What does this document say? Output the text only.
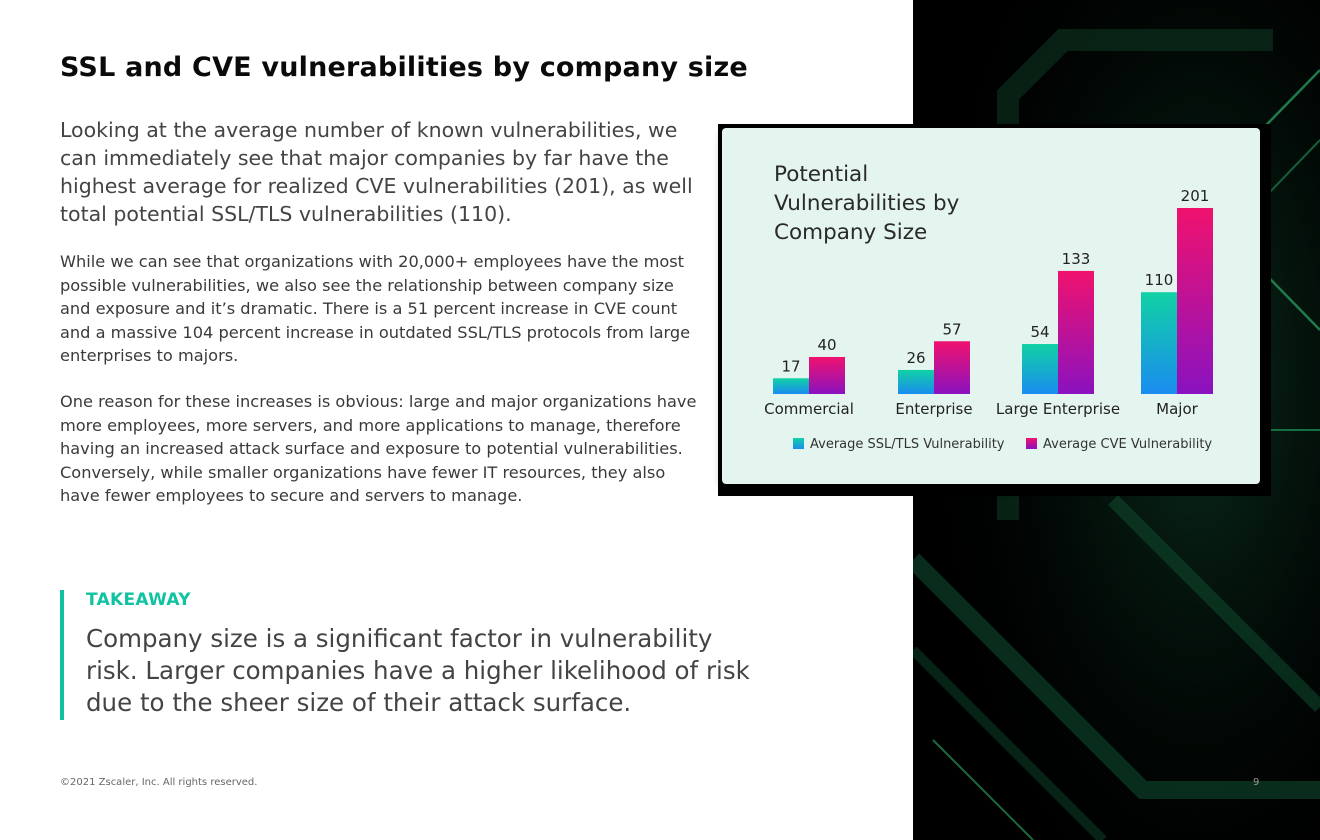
SSL and CVE vulnerabilities by company size

Looking at the average number of known vulnerabilities, we can immediately see that major companies by far have the highest average for realized CVE vulnerabilities (201), as well total potential SSL/TLS vulnerabilities (110).

While we can see that organizations with 20,000+ employees have the most possible vulnerabilities, we also see the relationship between company size and exposure and it’s dramatic. There is a 51 percent increase in CVE count and a massive 104 percent increase in outdated SSL/TLS protocols from large enterprises to majors.

One reason for these increases is obvious: large and major organizations have more employees, more servers, and more applications to manage, therefore having an increased attack surface and exposure to potential vulnerabilities. Conversely, while smaller organizations have fewer IT resources, they also have fewer employees to secure and servers to manage.

TAKEAWAY

Company size is a significant factor in vulnerability risk. Larger companies have a higher likelihood of risk due to the sheer size of their attack surface.

©2021 Zscaler, Inc. All rights reserved.	9
Potential Vulnerabilities by Company Size
17
40
Commercial
26
57
Enterprise
54
133
Large Enterprise
110
201
Major
Average SSL/TLS Vulnerability	Average CVE Vulnerability
